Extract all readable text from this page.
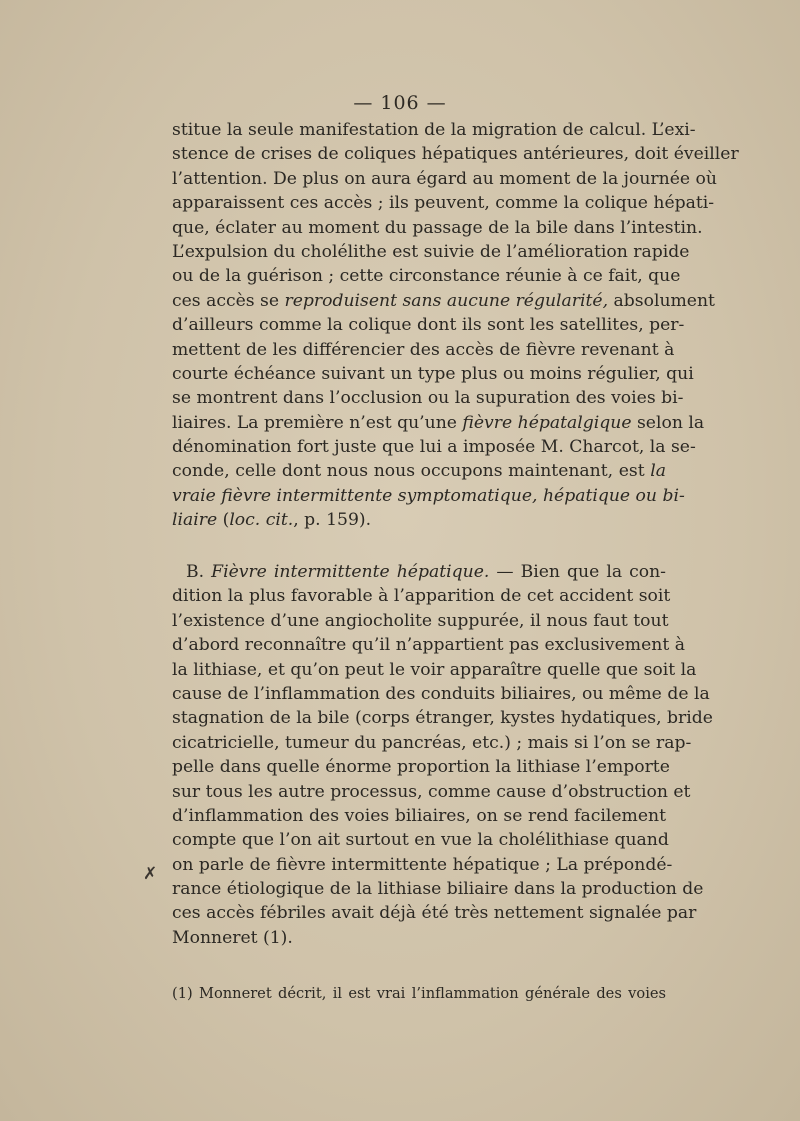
— 106 —
stitue la seule manifestation de la migration de calcul. L’exi-
stence de crises de coliques hépatiques antérieures, doit éveiller
l’attention. De plus on aura égard au moment de la journée où
apparaissent ces accès ; ils peuvent, comme la colique hépati-
que, éclater au moment du passage de la bile dans l’intestin.
L’expulsion du cholélithe est suivie de l’amélioration rapide
ou de la guérison ; cette circonstance réunie à ce fait, que
ces accès se reproduisent sans aucune régularité, absolument
d’ailleurs comme la colique dont ils sont les satellites, per-
mettent de les différencier des accès de fièvre revenant à
courte échéance suivant un type plus ou moins régulier, qui
se montrent dans l’occlusion ou la supuration des voies bi-
liaires. La première n’est qu’une fièvre hépatalgique selon la
dénomination fort juste que lui a imposée M. Charcot, la se-
conde, celle dont nous nous occupons maintenant, est la
vraie fièvre intermittente symptomatique, hépatique ou bi-
liaire (loc. cit., p. 159).
B. Fièvre intermittente hépatique. — Bien que la con-
dition la plus favorable à l’apparition de cet accident soit
l’existence d’une angiocholite suppurée, il nous faut tout
d’abord reconnaître qu’il n’appartient pas exclusivement à
la lithiase, et qu’on peut le voir apparaître quelle que soit la
cause de l’inflammation des conduits biliaires, ou même de la
stagnation de la bile (corps étranger, kystes hydatiques, bride
cicatricielle, tumeur du pancréas, etc.) ; mais si l’on se rap-
pelle dans quelle énorme proportion la lithiase l’emporte
sur tous les autre processus, comme cause d’obstruction et
d’inflammation des voies biliaires, on se rend facilement
compte que l’on ait surtout en vue la cholélithiase quand
on parle de fièvre intermittente hépatique ; La prépondé-
rance étiologique de la lithiase biliaire dans la production de
ces accès fébriles avait déjà été très nettement signalée par
Monneret (1).
✗
(1) Monneret décrit, il est vrai l’inflammation générale des voies
